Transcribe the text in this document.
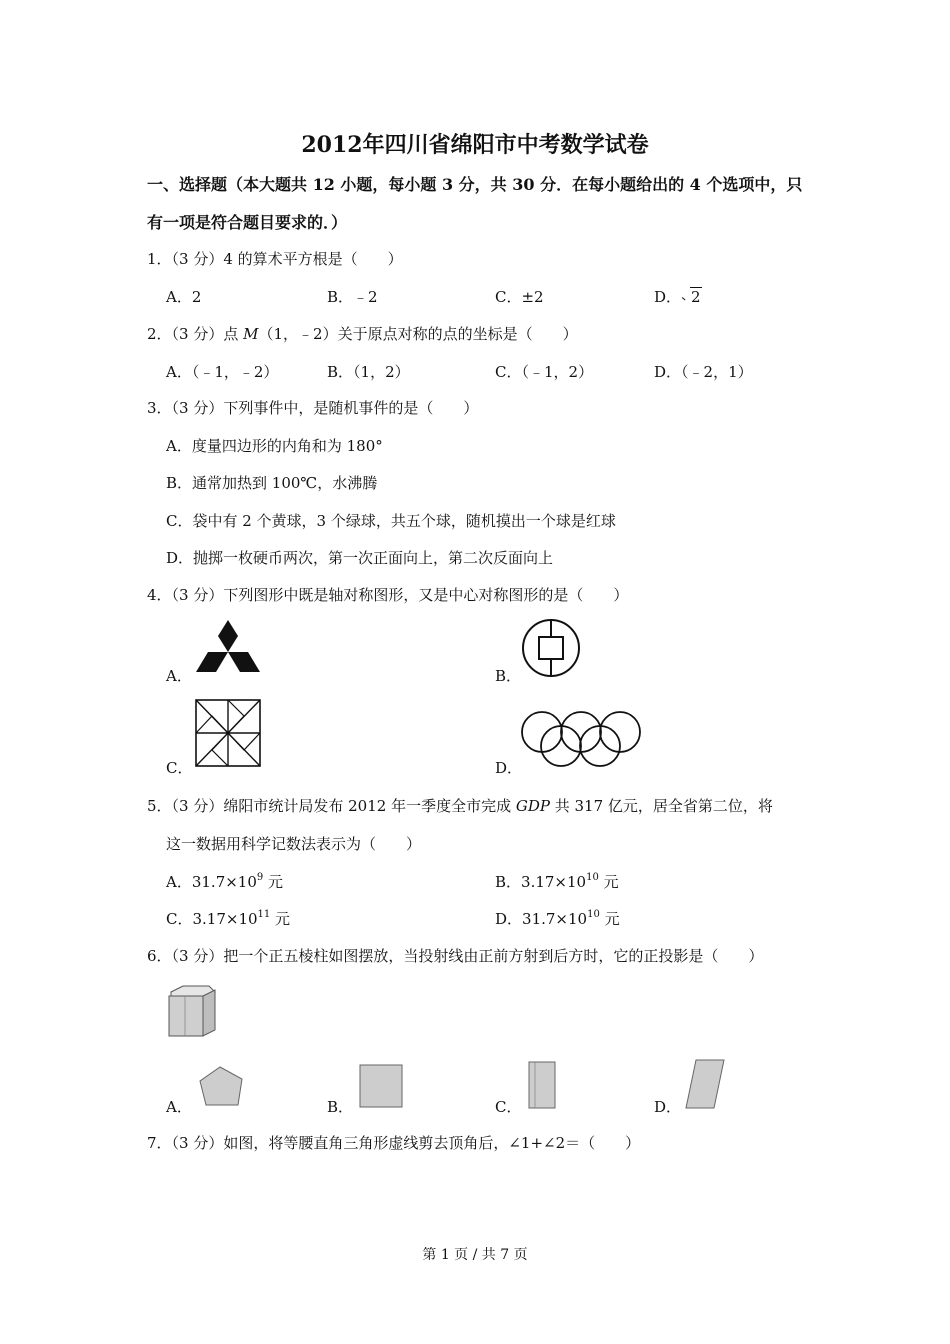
2012年四川省绵阳市中考数学试卷
一、选择题（本大题共 12 小题，每小题 3 分，共 30 分．在每小题给出的 4 个选项中，只
有一项是符合题目要求的．）
1．（3 分）4 的算术平方根是（　　）
A．2	B．﹣2	C．±2	D． 2
2．（3 分）点 M（1，﹣2）关于原点对称的点的坐标是（　　）
A．（﹣1，﹣2）	B．（1，2）	C．（﹣1，2）	D．（﹣2，1）
3．（3 分）下列事件中，是随机事件的是（　　）
A．度量四边形的内角和为 180°
B．通常加热到 100℃，水沸腾
C．袋中有 2 个黄球，3 个绿球，共五个球，随机摸出一个球是红球
D．抛掷一枚硬币两次，第一次正面向上，第二次反面向上
4．（3 分）下列图形中既是轴对称图形，又是中心对称图形的是（　　）
A．	B．
C．	D．
5．（3 分）绵阳市统计局发布 2012 年一季度全市完成 GDP 共 317 亿元，居全省第二位，将
这一数据用科学记数法表示为（　　）
A．$31.7\times 10^9$ 元	B．$3.17\times 10^{10}$ 元
C．$3.17\times 10^{11}$ 元	D．$31.7\times 10^{10}$ 元
6．（3 分）把一个正五棱柱如图摆放，当投射线由正前方射到后方时，它的正投影是（　　）
A．	B．	C．	D．
7．（3 分）如图，将等腰直角三角形虚线剪去顶角后，∠1+∠2＝（　　）
第 1 页 / 共 7 页
